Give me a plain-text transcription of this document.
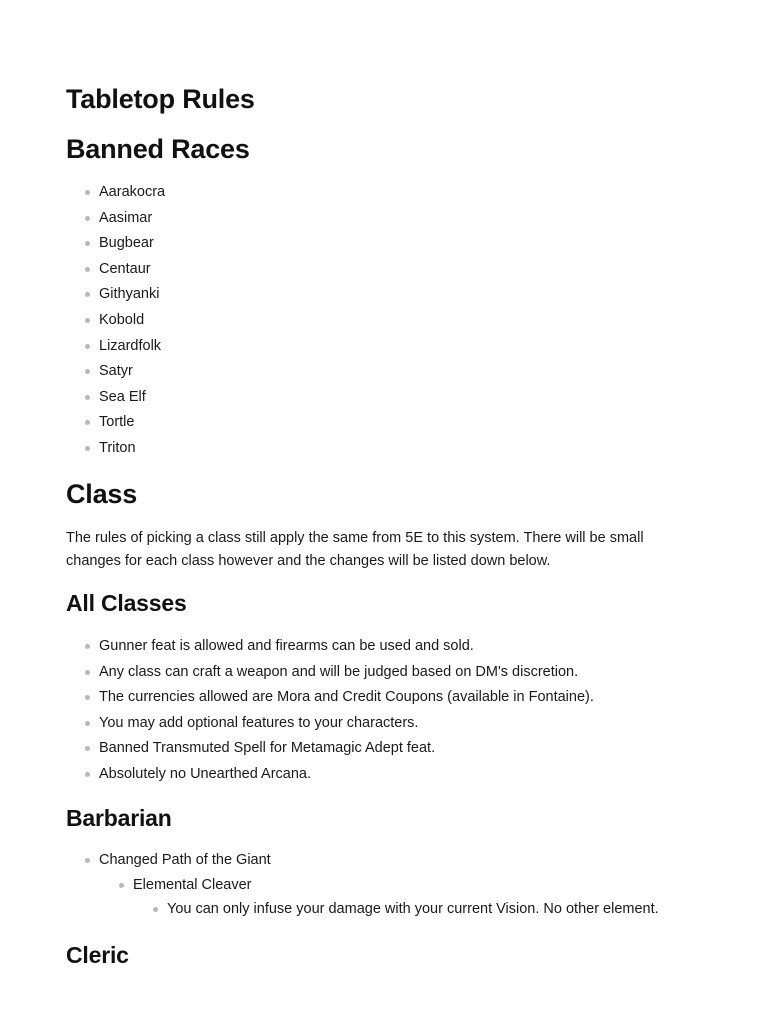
Tabletop Rules
Banned Races
Aarakocra
Aasimar
Bugbear
Centaur
Githyanki
Kobold
Lizardfolk
Satyr
Sea Elf
Tortle
Triton
Class

The rules of picking a class still apply the same from 5E to this system. There will be small changes for each class however and the changes will be listed down below.

All Classes
Gunner feat is allowed and firearms can be used and sold.
Any class can craft a weapon and will be judged based on DM's discretion.
The currencies allowed are Mora and Credit Coupons (available in Fontaine).
You may add optional features to your characters.
Banned Transmuted Spell for Metamagic Adept feat.
Absolutely no Unearthed Arcana.
Barbarian
Changed Path of the Giant
Elemental Cleaver
You can only infuse your damage with your current Vision. No other element.
Cleric
